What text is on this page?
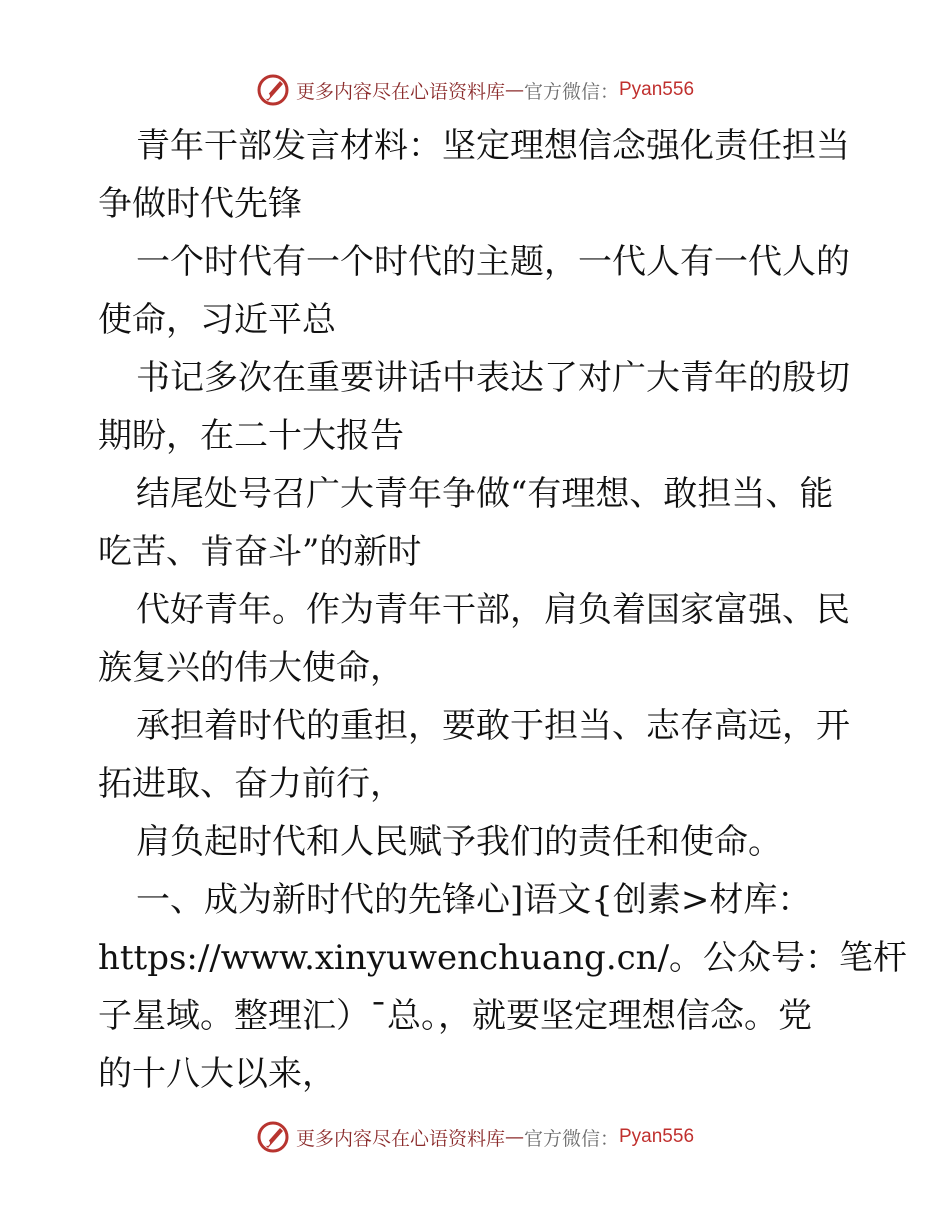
更多内容尽在心语资料库 — 官方微信： Pyan556
青年干部发言材料：坚定理想信念强化责任担当
争做时代先锋
一个时代有一个时代的主题，一代人有一代人的
使命，习近平总
书记多次在重要讲话中表达了对广大青年的殷切
期盼，在二十大报告
结尾处号召广大青年争做“有理想、敢担当、能
吃苦、肯奋斗”的新时
代好青年。作为青年干部，肩负着国家富强、民
族复兴的伟大使命，
承担着时代的重担，要敢于担当、志存高远，开
拓进取、奋力前行，
肩负起时代和人民赋予我们的责任和使命。
一、成为新时代的先锋心]语文{创素>材库：
https://www.xinyuwenchuang.cn/。公众号：笔杆
子星域。整理汇）¯总。，就要坚定理想信念。党
的十八大以来，
更多内容尽在心语资料库 — 官方微信： Pyan556
